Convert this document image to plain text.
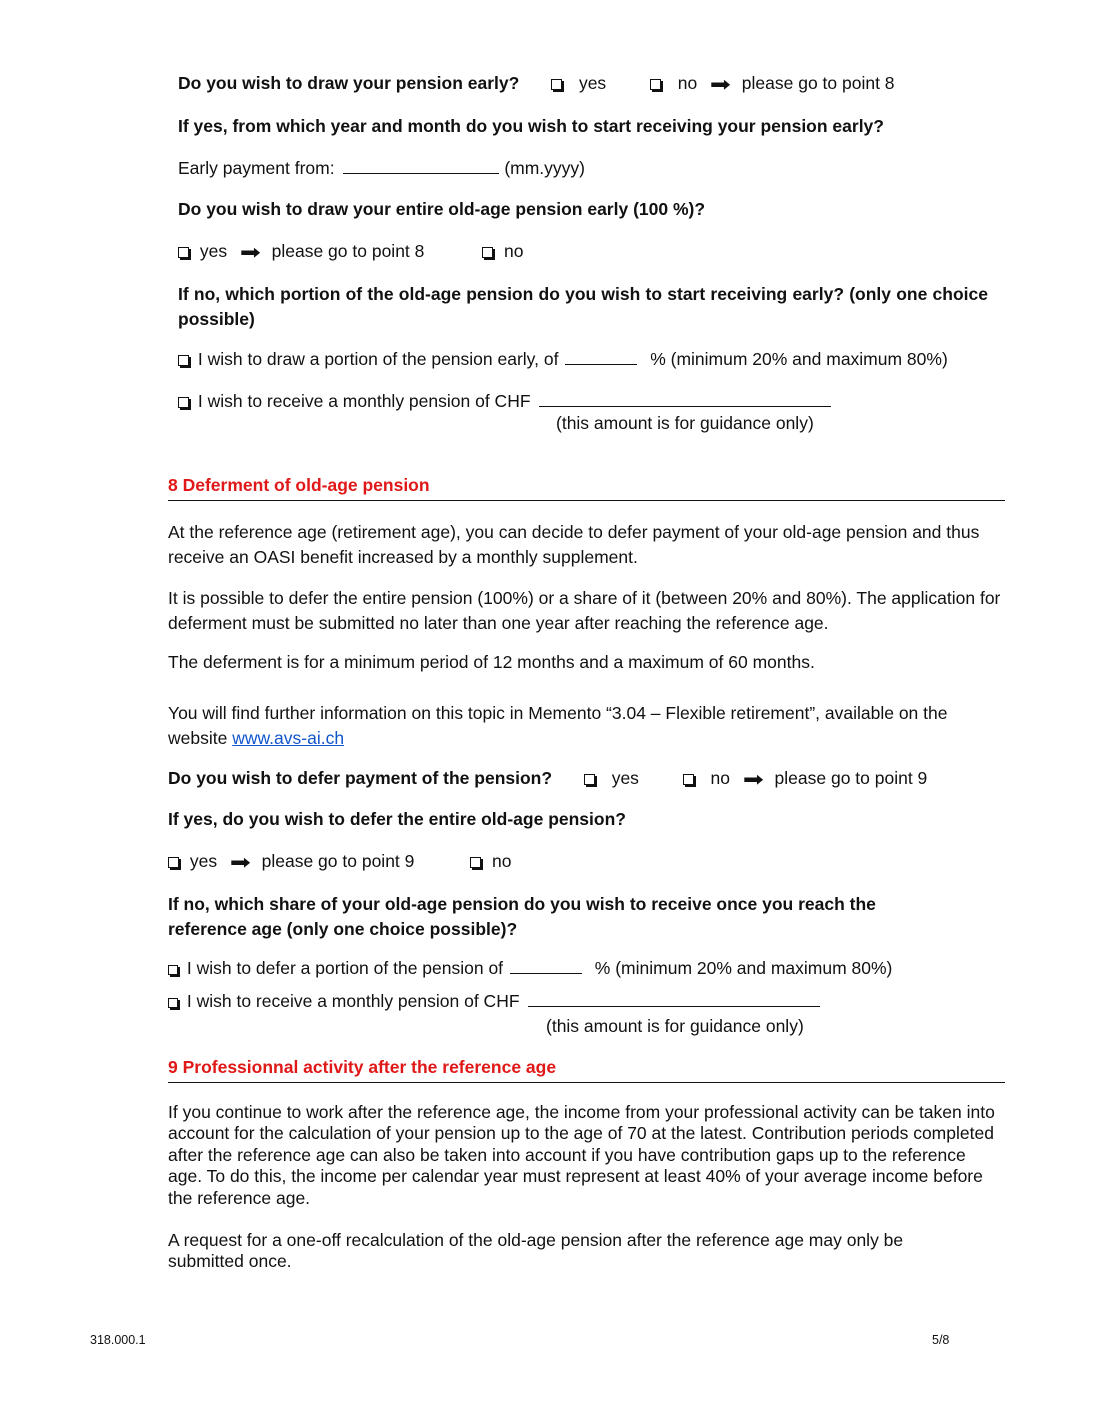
Do you wish to draw your pension early?	yes	no ➡ please go to point 8
If yes, from which year and month do you wish to start receiving your pension early?
Early payment from:	(mm.yyyy)
Do you wish to draw your entire old-age pension early (100 %)?
yes ➡ please go to point 8	no
If no, which portion of the old-age pension do you wish to start receiving early? (only one choice possible)
I wish to draw a portion of the pension early, of	% (minimum 20% and maximum 80%)
I wish to receive a monthly pension of CHF
(this amount is for guidance only)
8 Deferment of old-age pension
At the reference age (retirement age), you can decide to defer payment of your old-age pension and thus receive an OASI benefit increased by a monthly supplement.
It is possible to defer the entire pension (100%) or a share of it (between 20% and 80%). The application for deferment must be submitted no later than one year after reaching the reference age.
The deferment is for a minimum period of 12 months and a maximum of 60 months.
You will find further information on this topic in Memento “3.04 – Flexible retirement”, available on the website www.avs-ai.ch
Do you wish to defer payment of the pension?	yes	no ➡ please go to point 9
If yes, do you wish to defer the entire old-age pension?
yes ➡ please go to point 9	no
If no, which share of your old-age pension do you wish to receive once you reach the reference age (only one choice possible)?
I wish to defer a portion of the pension of	% (minimum 20% and maximum 80%)
I wish to receive a monthly pension of CHF
(this amount is for guidance only)
9 Professionnal activity after the reference age
If you continue to work after the reference age, the income from your professional activity can be taken into account for the calculation of your pension up to the age of 70 at the latest. Contribution periods completed after the reference age can also be taken into account if you have contribution gaps up to the reference age. To do this, the income per calendar year must represent at least 40% of your average income before the reference age.
A request for a one-off recalculation of the old-age pension after the reference age may only be submitted once.
318.000.1	5/8
